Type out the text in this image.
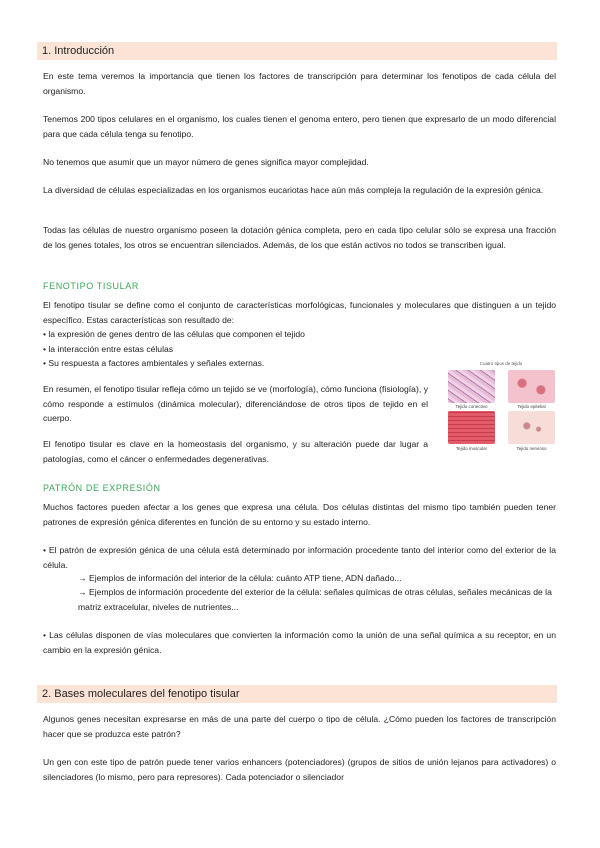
1. Introducción

En este tema veremos la importancia que tienen los factores de transcripción para determinar los fenotipos de cada célula del organismo.

Tenemos 200 tipos celulares en el organismo, los cuales tienen el genoma entero, pero tienen que expresarlo de un modo diferencial para que cada célula tenga su fenotipo.

No tenemos que asumir que un mayor número de genes significa mayor complejidad.

La diversidad de células especializadas en los organismos eucariotas hace aún más compleja la regulación de la expresión génica.

Todas las células de nuestro organismo poseen la dotación génica completa, pero en cada tipo celular sólo se expresa una fracción de los genes totales, los otros se encuentran silenciados. Además, de los que están activos no todos se transcriben igual.

FENOTIPO TISULAR

El fenotipo tisular se define como el conjunto de características morfológicas, funcionales y moleculares que distinguen a un tejido específico. Estas características son resultado de:

• la expresión de genes dentro de las células que componen el tejido
• la interacción entre estas células
• Su respuesta a factores ambientales y señales externas.

En resumen, el fenotipo tisular refleja cómo un tejido se ve (morfología), cómo funciona (fisiología), y cómo responde a estímulos (dinámica molecular), diferenciándose de otros tipos de tejido en el cuerpo.

El fenotipo tisular es clave en la homeostasis del organismo, y su alteración puede dar lugar a patologías, como el cáncer o enfermedades degenerativas.

Cuatro tipos de tejido
Tejido conectivo	Tejido epitelial
Tejido muscular	Tejido nervioso
PATRÓN DE EXPRESIÓN

Muchos factores pueden afectar a los genes que expresa una célula. Dos células distintas del mismo tipo también pueden tener patrones de expresión génica diferentes en función de su entorno y su estado interno.

• El patrón de expresión génica de una célula está determinado por información procedente tanto del interior como del exterior de la célula.

→ Ejemplos de información del interior de la célula: cuánto ATP tiene, ADN dañado...

→ Ejemplos de información procedente del exterior de la célula: señales químicas de otras células, señales mecánicas de la matriz extracelular, niveles de nutrientes...

• Las células disponen de vías moleculares que convierten la información como la unión de una señal química a su receptor, en un cambio en la expresión génica.

2. Bases moleculares del fenotipo tisular

Algunos genes necesitan expresarse en más de una parte del cuerpo o tipo de célula. ¿Cómo pueden los factores de transcripción hacer que se produzca este patrón?

Un gen con este tipo de patrón puede tener varios enhancers (potenciadores) (grupos de sitios de unión lejanos para activadores) o silenciadores (lo mismo, pero para represores). Cada potenciador o silenciador
